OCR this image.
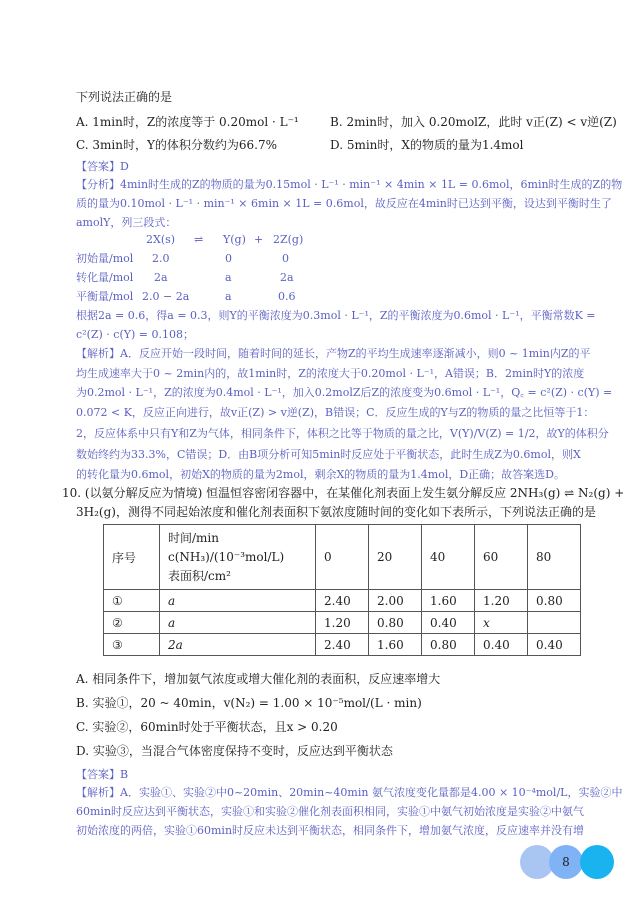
下列说法正确的是
A. 1min时，Z的浓度等于 0.20mol · L⁻¹	B. 2min时，加入 0.20molZ，此时 v正(Z) < v逆(Z)
C. 3min时，Y的体积分数约为66.7%	D. 5min时，X的物质的量为1.4mol
【答案】D
【分析】4min时生成的Z的物质的量为0.15mol · L⁻¹ · min⁻¹ × 4min × 1L = 0.6mol，6min时生成的Z的物
质的量为0.10mol · L⁻¹ · min⁻¹ × 6min × 1L = 0.6mol，故反应在4min时已达到平衡，设达到平衡时生了
amolY，列三段式：
2X(s) ⇌ Y(g) + 2Z(g)
初始量/mol 2.0	0	0
转化量/mol 2a	a	2a
平衡量/mol 2.0 − 2a	a	0.6
根据2a = 0.6，得a = 0.3，则Y的平衡浓度为0.3mol · L⁻¹，Z的平衡浓度为0.6mol · L⁻¹，平衡常数K =
c²(Z) · c(Y) = 0.108；
【解析】A．反应开始一段时间，随着时间的延长，产物Z的平均生成速率逐渐减小，则0 ~ 1min内Z的平
均生成速率大于0 ~ 2min内的，故1min时，Z的浓度大于0.20mol · L⁻¹，A错误；B．2min时Y的浓度
为0.2mol · L⁻¹，Z的浓度为0.4mol · L⁻¹，加入0.2molZ后Z的浓度变为0.6mol · L⁻¹，Q꜀ = c²(Z) · c(Y) =
0.072 < K，反应正向进行，故v正(Z) > v逆(Z)，B错误；C．反应生成的Y与Z的物质的量之比恒等于1：
2，反应体系中只有Y和Z为气体，相同条件下，体积之比等于物质的量之比，V(Y)/V(Z) = 1/2，故Y的体积分
数始终约为33.3%，C错误；D．由B项分析可知5min时反应处于平衡状态，此时生成Z为0.6mol，则X
的转化量为0.6mol，初始X的物质的量为2mol，剩余X的物质的量为1.4mol，D正确；故答案选D。
10. (以氨分解反应为情境) 恒温恒容密闭容器中，在某催化剂表面上发生氨分解反应 2NH₃(g) ⇌ N₂(g) +
3H₂(g)，测得不同起始浓度和催化剂表面积下氨浓度随时间的变化如下表所示，下列说法正确的是
序号	时间/min
c(NH₃)/(10⁻³mol/L)
表面积/cm²	0	20	40	60	80
①	a	2.40	2.00	1.60	1.20	0.80
②	a	1.20	0.80	0.40	x	
③	2a	2.40	1.60	0.80	0.40	0.40
A. 相同条件下，增加氨气浓度或增大催化剂的表面积，反应速率增大
B. 实验①，20 ~ 40min，v(N₂) = 1.00 × 10⁻⁵mol/(L · min)
C. 实验②，60min时处于平衡状态，且x > 0.20
D. 实验③，当混合气体密度保持不变时，反应达到平衡状态
【答案】B
【解析】A．实验①、实验②中0~20min、20min~40min 氨气浓度变化量都是4.00 × 10⁻⁴mol/L，实验②中
60min时反应达到平衡状态，实验①和实验②催化剂表面积相同，实验①中氨气初始浓度是实验②中氨气
初始浓度的两倍，实验①60min时反应未达到平衡状态，相同条件下，增加氨气浓度，反应速率并没有增
8
